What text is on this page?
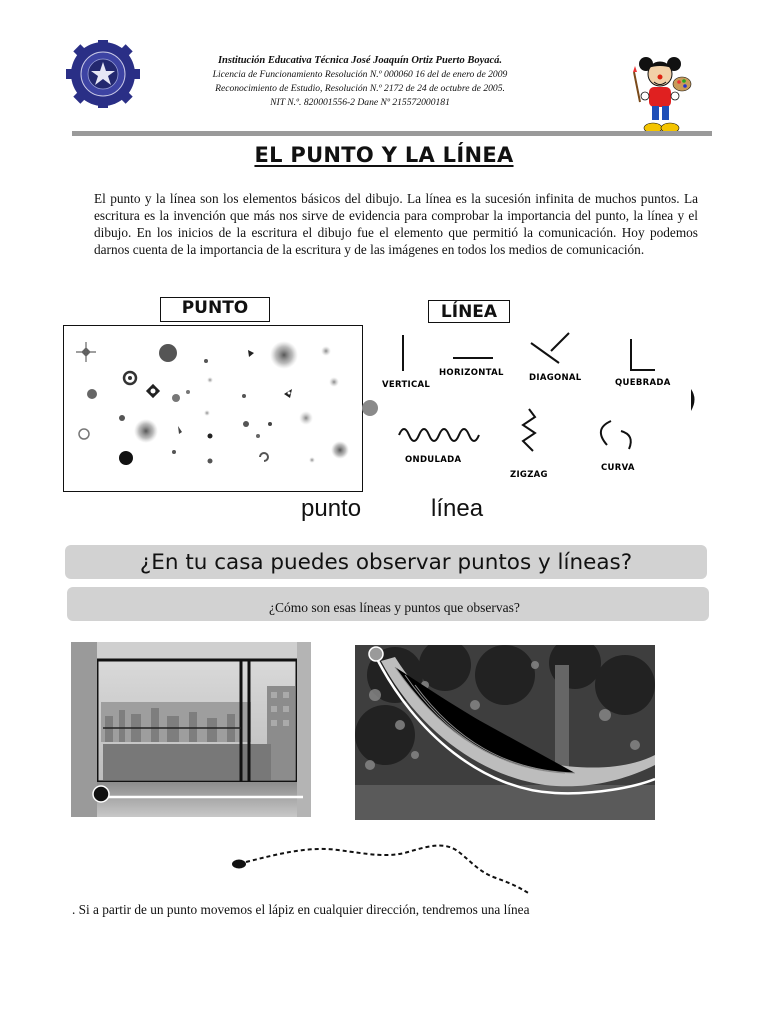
Institución Educativa Técnica José Joaquín Ortiz Puerto Boyacá.
Licencia de Funcionamiento Resolución N.º 000060 16 del de enero de 2009
Reconocimiento de Estudio, Resolución N.º 2172 de 24 de octubre de 2005.
NIT N.º. 820001556-2 Dane Nº 215572000181
EL PUNTO Y LA LÍNEA
El punto y la línea son los elementos básicos del dibujo. La línea es la sucesión infinita de muchos puntos. La escritura es la invención que más nos sirve de evidencia para comprobar la importancia del punto, la línea y el dibujo. En los inicios de la escritura el dibujo fue el elemento que permitió la comunicación. Hoy podemos darnos cuenta de la importancia de la escritura y de las imágenes en todos los medios de comunicación.
PUNTO	LÍNEA
VERTICAL
HORIZONTAL	DIAGONAL	QUEBRADA
ONDULADA
ZIGZAG
CURVA
punto	línea
¿En tu casa puedes observar puntos y líneas?
¿Cómo son esas líneas y puntos que observas?
. Si a partir de un punto movemos el lápiz en cualquier dirección, tendremos una línea
